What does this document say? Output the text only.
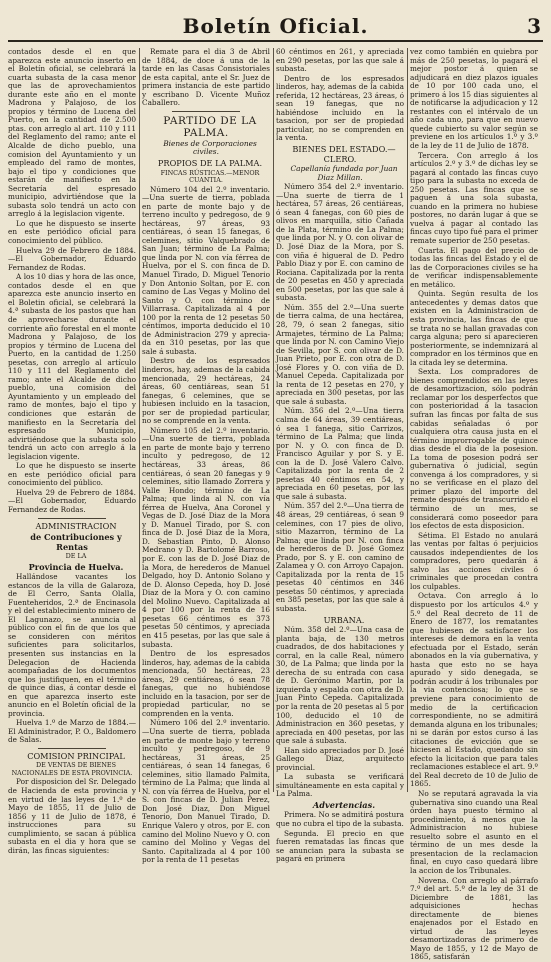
Boletín Oficial.	3

contados desde el en que aparezca este anuncio inserto en el Boletín oficial, se celebrará la cuarta subasta de la casa menor que las de aprovechamientos durante este año en el monte Madrona y Palajoso, de los propios y término de Lucena del Puerto, en la cantidad de 2.500 ptas. con arreglo al art. 110 y 111 del Reglamento del ramo; ante el Alcalde de dicho pueblo, una comision del Ayuntamiento y un empleado del ramo de montes, bajo el tipo y condiciones que estarán de manifiesto en la Secretaría del espresado municipio, advirtiéndose que la subasta solo tendrá un acto con arreglo á la legislacion vigente.

Lo que he dispuesto se inserte en este periódico oficial para conocimiento del público.

Huelva 29 de Febrero de 1884.—El Gobernador, Eduardo Fernandez de Rodas.

A los 10 dias y hora de las once, contados desde el en que aparezca este anuncio inserto en el Boletin oficial, se celebrará la 4.ª subasta de los pastos que han de aprovecharse durante el corriente año forestal en el monte Madrona y Palajoso, de los propios y término de Lucena del Puerto, en la cantidad de 1.250 pesetas, con arreglo al artículo 110 y 111 del Reglamento del ramo; ante el Alcalde de dicho pueblo, una comision del Ayuntamiento y un empleado del ramo de montes, bajo el tipo y condiciones que estarán de manifiesto en la Secretaría del espresado Municipio, advirtiéndose que la subasta solo tendrá un acto con arreglo á la legislacion vigente.

Lo que he dispuesto se inserte en este periódico oficial para conocimiento del público.

Huelva 29 de Febrero de 1884.—El Gobernador, Eduardo Fernandez de Rodas.

ADMINISTRACION

de Contribuciones y Rentas

DE LA

Provincia de Huelva.

Hallándose vacantes los estancos de la villa de Galaroza, de El Cerro, Santa Olalla, Fuenteheridos, 2.ª de Encinasola y el del establecimiento minero de El Lagunazo, se anuncia al público con el fin de que los que se consideren con méritos suficientes para solicitarlos, presenten sus instancias en la Delegacion de Hacienda acompañadas de los documentos que los justifiquen, en el término de quince dias, á contar desde el en que aparezca inserto este anuncio en el Boletín oficial de la provincia.

Huelva 1.º de Marzo de 1884.—El Administrador, P. O., Baldomero de Salas.

COMISION PRINCIPAL

DE VENTAS DE BIENES NACIONALES DE ESTA PROVINCIA.

Por disposicion del Sr. Delegado de Hacienda de esta provincia y en virtud de las leyes de 1.º de Mayo de 1855, 11 de Julio de 1856 y 11 de Julio de 1878, é instrucciones para su cumplimiento, se sacan á pública subasta en el dia y hora que se dirán, las fincas siguientes:

Remate para el dia 3 de Abril de 1884, de doce á una de la tarde en las Casas Consistoriales de esta capital, ante el Sr. Juez de primera instancia de este partido y escribano D. Vicente Muñoz Caballero.

PARTIDO DE LA PALMA.

Bienes de Corporaciones civiles.

PROPIOS DE LA PALMA.

FINCAS RÚSTICAS.—MENOR CUANTIA.

Número 104 del 2.º inventario.—Una suerte de tierra, poblada en parte de monte bajo y de terreno inculto y pedregoso, de 9 hectáreas, 97 áreas, 93 centiáreas, ó sean 15 fanegas, 6 celemines, sitio Valquebrado de San Juan; término de La Palma; que linda por N. con vía férrea de Huelva, por el S. con finca de D. Manuel Tirado, D. Miguel Tenorio y Don Antonio Soltan, por E. con camino de Las Vegas y Molino del Santo y O. con término de Villarrasa. Capitalizada al 4 por 100 por la renta de 12 pesetas 50 céntimos, importa deducido el 10 de Administracion 279 y apreciada en 310 pesetas, por las que sale á subasta.

Destro de los espresados linderos, hay, ademas de la cabida mencionada, 29 hectáreas, 24 áreas, 60 centiáreas, sean 51 fanegas, 6 celemines, que se hubiesen incluido en la tasacion, por ser de propiedad particular, no se comprende en la venta.

Número 105 del 2.º inventario.—Una suerte de tierra, poblada en parte de monte bajo y terreno inculto y pedregoso, de 12 hectáreas, 33 áreas, 86 centiáreas, ó sean 20 fanegas y 9 celemines, sitio llamado Zorrera y Valle Hondo; término de La Palma; que linda al N. con vía férrea de Huelva, Ana Coronel y Vegas de D. José Diaz de la Mora y D. Manuel Tirado, por S. con finca de D. José Diaz de la Mora, D. Sebastian Pinto, D. Alonso Medrano y D. Bartolomé Barroso, por E. con las de D. José Diaz de la Mora, de herederos de Manuel Delgado, hoy D. Antonio Solano y de D. Alonso Cepeda, hoy D. José Diaz de la Mora y O. con camino del Molino Nuevo. Capitalizada al 4 por 100 por la renta de 16 pesetas 66 céntimos es 373 pesetas 50 céntimos, y apreciada en 415 pesetas, por las que sale á subasta.

Dentro de los espresados linderos, hay, ademas de la cabida mencionada, 50 hectáreas, 23 áreas, 29 centiáreas, ó sean 78 fanegas, que no hubiéndose incluido en la tasacion, por ser de propiedad particular, no se comprenden en la venta.

Número 106 del 2.º inventario.—Una suerte de tierra, poblada en parte de monte bajo y terreno inculto y pedregoso, de 9 hectáreas, 31 áreas, 25 centiáreas, ó sean 14 fanegas, 6 celemines, sitio llamado Palmita, término de La Palma; que linda al N. con vía férrea de Huelva, por el S. con fincas de D. Julian Perez, Don José Diaz, Don Miguel Tenorio, Don Manuel Tirado, D. Enrique Valero y otros, por E. con camino del Molino Nuevo y O. con camino del Molino y Vegas del Santo. Capitalizada al 4 por 100 por la renta de 11 pesetas

60 céntimos en 261, y apreciada en 290 pesetas, por las que sale á subasta.

Dentro de los espresados linderos, hay, ademas de la cabida referida, 12 hectáreas, 23 áreas, ó sean 19 fanegas, que no habiéndose incluido en la tasacion, por ser de propiedad particular, no se comprenden en la venta.

BIENES DEL ESTADO.—CLERO.

Capellanía fundada por Juan Diaz Millan.

Número 354 del 2.º inventario.—Una suerte de tierra de 1 hectárea, 57 áreas, 26 centiáreas, ó sean 4 fanegas, con 60 pies de olivos en marquilla, sitio Cañada de la Plata, término de La Palma; que linda por N. y O. con olivar de D. José Diaz de la Mora, por S. con viña é higueral de D. Pedro Pablo Diaz y por E. con camino de Rociana. Capitalizada por la renta de 20 pesetas en 450 y apreciada en 500 pesetas, por las que sale á subasta.

Núm. 355 del 2.º—Una suerte de tierra calma, de una hectárea, 28, 79, ó sean 2 fanegas, sitio Armajetes, término de La Palma; que linda por N. con Camino Viejo de Sevilla, por S. con olivar de D. Juan Prieto, por E. con otra de D. José Flores y O. con viña de D. Manuel Cepeda. Capitalizada por la renta de 12 pesetas en 270, y apreciada en 300 pesetas, por las que sale á subasta.

Núm. 356 del 2.º—Una tierra calma de 64 áreas, 39 centiáreas, ó sea 1 fanega, sitio Carrizos, término de La Palma; que linda por N. y O. con finca de D. Francisco Aguilar y por S. y E. con la de D. José Valero Calvo. Capitalizada por la renta de 2 pesetas 40 céntimos en 54, y apreciada en 60 pesetas, por las que sale á subasta.

Núm. 357 del 2.º—Una tierra de 48 áreas, 29 centiáreas, ó sean 9 celemines, con 17 pies de olivo, sitio Mazarron, término de La Palma; que linda por N. con finca de herederos de D. José Gomez Prado, por S. y E. con camino de Zalamea y O. con Arroyo Capajon. Capitalizada por la renta de 15 pesetas 40 céntimos en 346 pesetas 50 céntimos, y apreciada en 385 pesetas, por las que sale á subasta.

URBANA.

Núm. 358 del 2.º—Una casa de planta baja, de 130 metros cuadrados, de dos habitaciones y corral, en la calle Real, número 30, de La Palma; que linda por la derecha de su entrada con casa de D. Gerónimo Martin, por la izquierda y espalda con otra de D. Juan Pinto Cepeda. Capitalizada por la renta de 20 pesetas al 5 por 100, deducido el 10 de Administracion en 360 pesetas, y apreciada en 400 pesetas, por las que sale á subasta.

Han sido apreciados por D. José Gallego Diaz, arquitecto provincial.

La subasta se verificará simultáneamente en esta capital y La Palma.

Advertencias.

Primera. No se admitirá postura que no cubra el tipo de la subasta.

Segunda. El precio en que fueren rematadas las fincas que se anuncian para la subasta se pagará en primera

vez como también en quiebra por más de 250 pesetas, lo pagará el mejor postor á quien se adjudicará en diez plazos iguales de 10 por 100 cada uno, el primero á los 15 dias siguientes al de notificarse la adjudicacion y 12 restantes con el intérvalo de un año cada uno, para que en nuevo quede cubierto su valor según se previene en los artículos 1.º y 3.º de la ley de 11 de Julio de 1878.

Tercera. Con arreglo á los artículos 2.º y 3.º de dichas ley se pagará al contado las fincas cuyo tipo para la subasta no exceda de 250 pesetas. Las fincas que se paguen á una sola subasta, cuando en la primera no hubiese postores, no darán lugar á que se vuelva á pagar al contado las fincas cuyo tipo fué para el primer remate superior de 250 pesetas.

Cuarta. El pago del precio de todas las fincas del Estado y el de las de Corporaciones civiles se ha de verificar indispensablemente en metálico.

Quinta. Según resulta de los antecedentes y demas datos que existen en la Administracion de esta provincia, las fincas de que se trata no se hallan gravadas con carga alguna; pero si aparecieren posteriormente, se indemnizará al comprador en los términos que en la citada ley se determina.

Sexta. Los compradores de bienes comprendidos en las leyes de desamortizacion, sólo podrán reclamar por los desperfectos que con posterioridad á la tasacion sufran las fincas por falta de sus cabidas señaladas ó por cualquiera otra causa justa en el término improrrogable de quince dias desde el dia de la posesion. La toma de posesion podrá ser gubernativa ó judicial, según convenga á los compradores, y si no se verificase en el plazo del primer plazo del importe del remate después de transcurrido el término de un mes, se considerará como poseedor para los efectos de esta disposicion.

Sétima. El Estado no anulará las ventas por faltas ó perjuicios causados independientes de los compradores, pero quedarán á salvo las acciones civiles ó criminales que procedan contra los culpables.

Octava. Con arreglo á lo dispuesto por los artículos 4.º y 5.º del Real decreto de 11 de Enero de 1877, los rematantes que hubiesen de satisfacer los intereses de demora en la venta efectuada por el Estado, serán abonados en la vía gubernativa, y hasta que esto no se haya apurado y sido denegada, se podrán acudir á los tribunales por la via contenciosa; lo que se previene para conocimiento de medio de la certificacion correspondiente, no se admitirá demanda alguna en los tribunales; ni se darán por estos curso á las citaciones de evicción que se hiciesen al Estado, quedando sin efecto la licitacion que para tales reclamaciones establece el art. 9.º del Real decreto de 10 de Julio de 1865.

No se reputará agravada la via gubernativa sino cuando una Real órden haya puesto término al procedimiento, á menos que la Administracion no hubiese resuelto sobre el asunto en el término de un mes desde la presentacion de la reclamacion final, en cuyo caso quedará libre la accion de los Tribunales.

Novena. Con arreglo al párrafo 7.º del art. 5.º de la ley de 31 de Diciembre de 1881, las adquisiciones hechas directamente de bienes enajenados por el Estado en virtud de las leyes desamortizadoras de primero de Mayo de 1855, y 12 de Mayo de 1865, satisfarán
